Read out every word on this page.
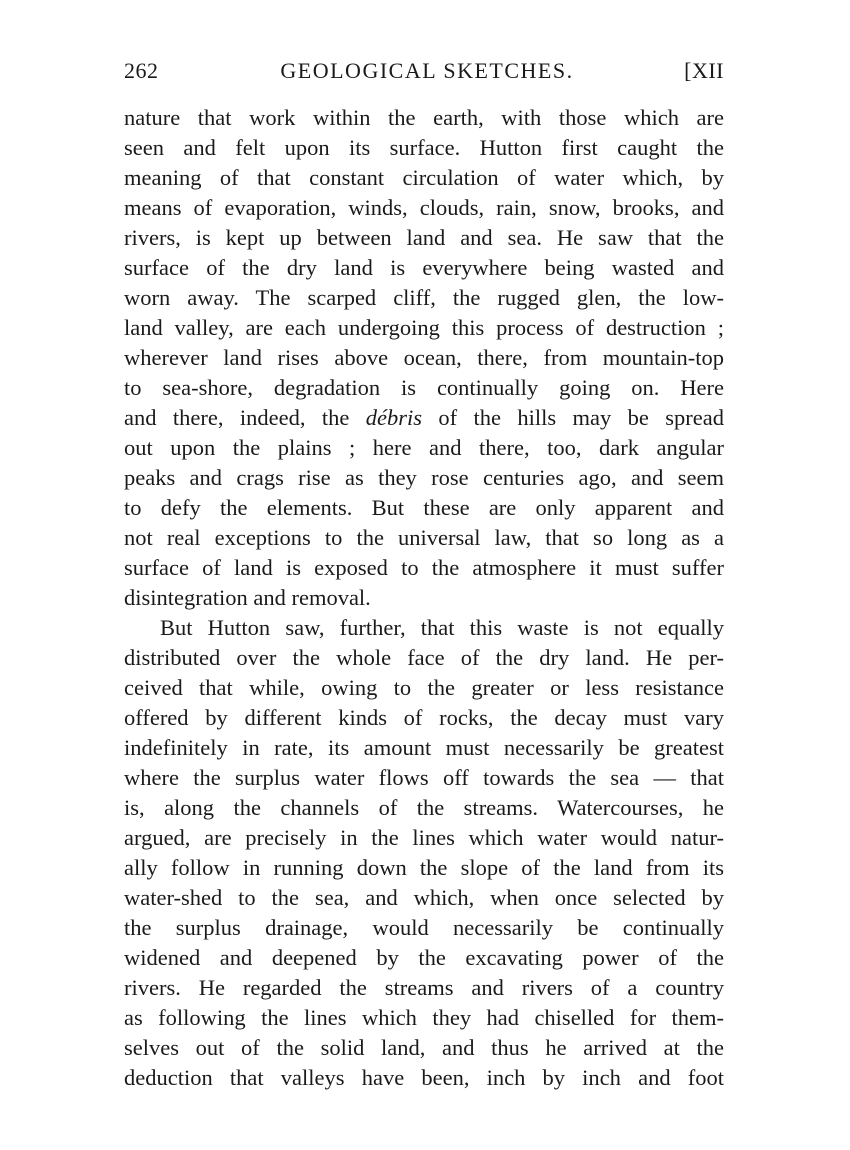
262	GEOLOGICAL SKETCHES.	[XII
nature that work within the earth, with those which are
seen and felt upon its surface. Hutton first caught the
meaning of that constant circulation of water which, by
means of evaporation, winds, clouds, rain, snow, brooks, and
rivers, is kept up between land and sea. He saw that the
surface of the dry land is everywhere being wasted and
worn away. The scarped cliff, the rugged glen, the low-
land valley, are each undergoing this process of destruction ;
wherever land rises above ocean, there, from mountain-top
to sea-shore, degradation is continually going on. Here
and there, indeed, the débris of the hills may be spread
out upon the plains ; here and there, too, dark angular
peaks and crags rise as they rose centuries ago, and seem
to defy the elements. But these are only apparent and
not real exceptions to the universal law, that so long as a
surface of land is exposed to the atmosphere it must suffer
disintegration and removal.
But Hutton saw, further, that this waste is not equally
distributed over the whole face of the dry land. He per-
ceived that while, owing to the greater or less resistance
offered by different kinds of rocks, the decay must vary
indefinitely in rate, its amount must necessarily be greatest
where the surplus water flows off towards the sea — that
is, along the channels of the streams. Watercourses, he
argued, are precisely in the lines which water would natur-
ally follow in running down the slope of the land from its
water-shed to the sea, and which, when once selected by
the surplus drainage, would necessarily be continually
widened and deepened by the excavating power of the
rivers. He regarded the streams and rivers of a country
as following the lines which they had chiselled for them-
selves out of the solid land, and thus he arrived at the
deduction that valleys have been, inch by inch and foot
